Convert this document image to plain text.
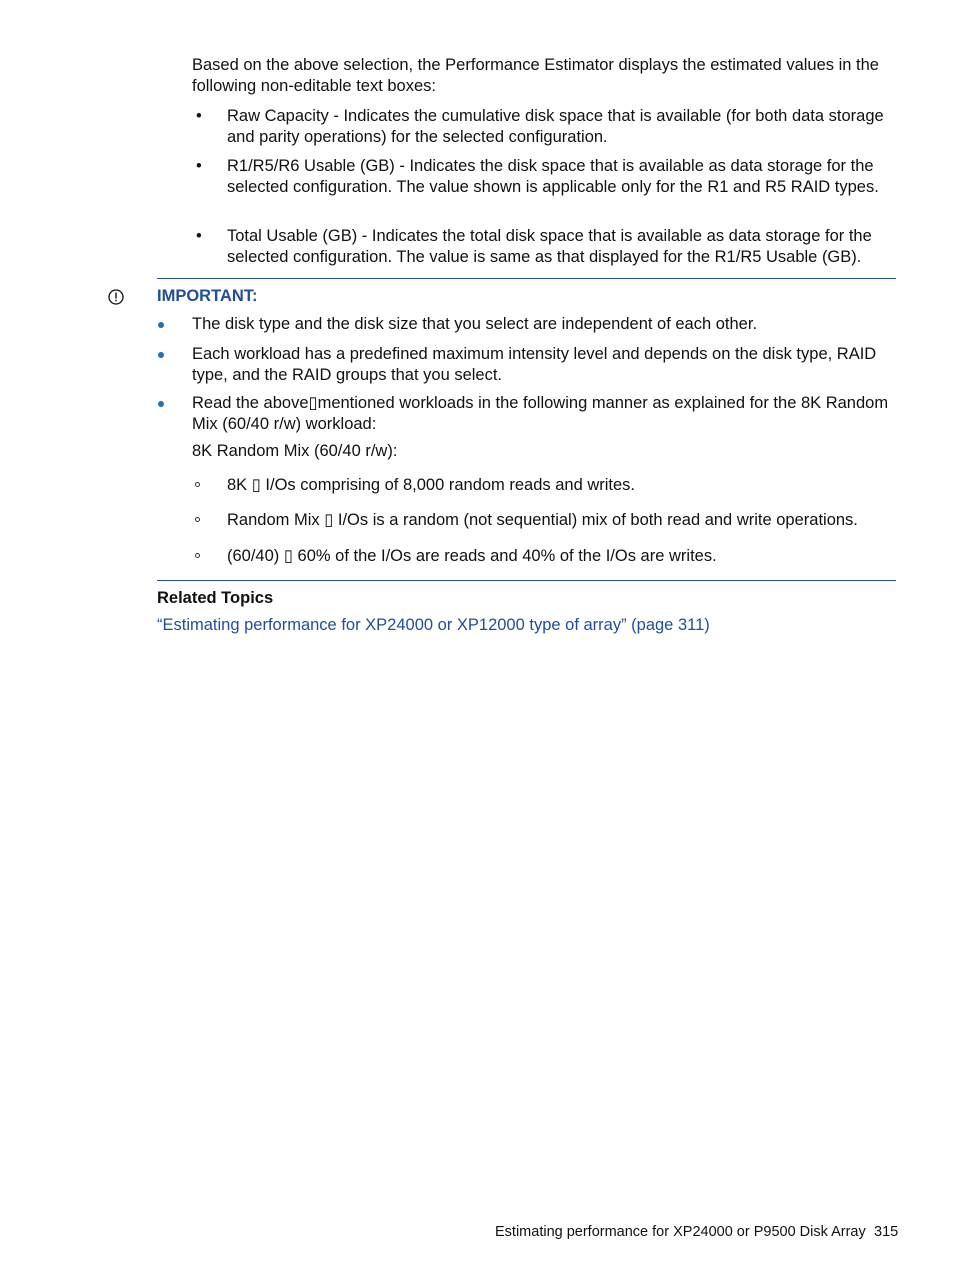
Based on the above selection, the Performance Estimator displays the estimated values in the following non-editable text boxes:
• Raw Capacity - Indicates the cumulative disk space that is available (for both data storage and parity operations) for the selected configuration.
• R1/R5/R6 Usable (GB) - Indicates the disk space that is available as data storage for the selected configuration. The value shown is applicable only for the R1 and R5 RAID types.
• Total Usable (GB) - Indicates the total disk space that is available as data storage for the selected configuration. The value is same as that displayed for the R1/R5 Usable (GB).
IMPORTANT:
The disk type and the disk size that you select are independent of each other.
Each workload has a predefined maximum intensity level and depends on the disk type, RAID type, and the RAID groups that you select.
Read the above▯mentioned workloads in the following manner as explained for the 8K Random Mix (60/40 r/w) workload:
8K Random Mix (60/40 r/w):
8K ▯ I/Os comprising of 8,000 random reads and writes.
Random Mix ▯ I/Os is a random (not sequential) mix of both read and write operations.
(60/40) ▯ 60% of the I/Os are reads and 40% of the I/Os are writes.
Related Topics
“Estimating performance for XP24000 or XP12000 type of array” (page 311)
Estimating performance for XP24000 or P9500 Disk Array 315
